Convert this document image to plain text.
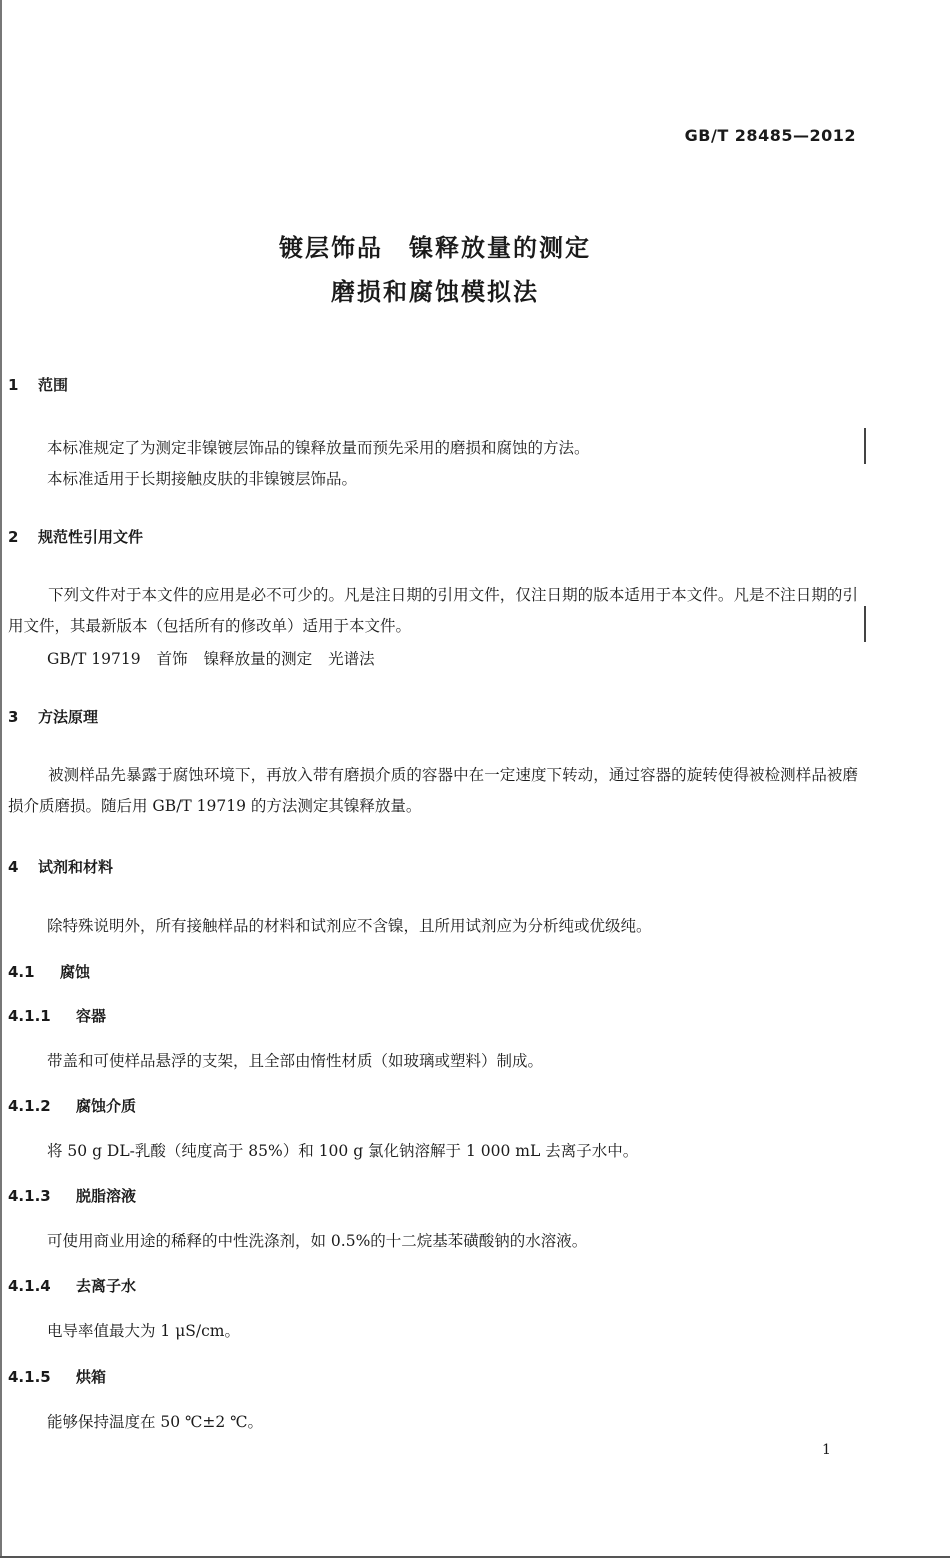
GB/T 28485—2012
镀层饰品　镍释放量的测定
磨损和腐蚀模拟法
1 范围
本标准规定了为测定非镍镀层饰品的镍释放量而预先采用的磨损和腐蚀的方法。
本标准适用于长期接触皮肤的非镍镀层饰品。
2 规范性引用文件
下列文件对于本文件的应用是必不可少的。凡是注日期的引用文件，仅注日期的版本适用于本文件。凡是不注日期的引用文件，其最新版本（包括所有的修改单）适用于本文件。
GB/T 19719 首饰 镍释放量的测定 光谱法
3 方法原理
被测样品先暴露于腐蚀环境下，再放入带有磨损介质的容器中在一定速度下转动，通过容器的旋转使得被检测样品被磨损介质磨损。随后用 GB/T 19719 的方法测定其镍释放量。
4 试剂和材料
除特殊说明外，所有接触样品的材料和试剂应不含镍，且所用试剂应为分析纯或优级纯。
4.1 腐蚀
4.1.1 容器
带盖和可使样品悬浮的支架，且全部由惰性材质（如玻璃或塑料）制成。
4.1.2 腐蚀介质
将 50 g DL-乳酸（纯度高于 85%）和 100 g 氯化钠溶解于 1 000 mL 去离子水中。
4.1.3 脱脂溶液
可使用商业用途的稀释的中性洗涤剂，如 0.5%的十二烷基苯磺酸钠的水溶液。
4.1.4 去离子水
电导率值最大为 1 μS/cm。
4.1.5 烘箱
能够保持温度在 50 ℃±2 ℃。
1
